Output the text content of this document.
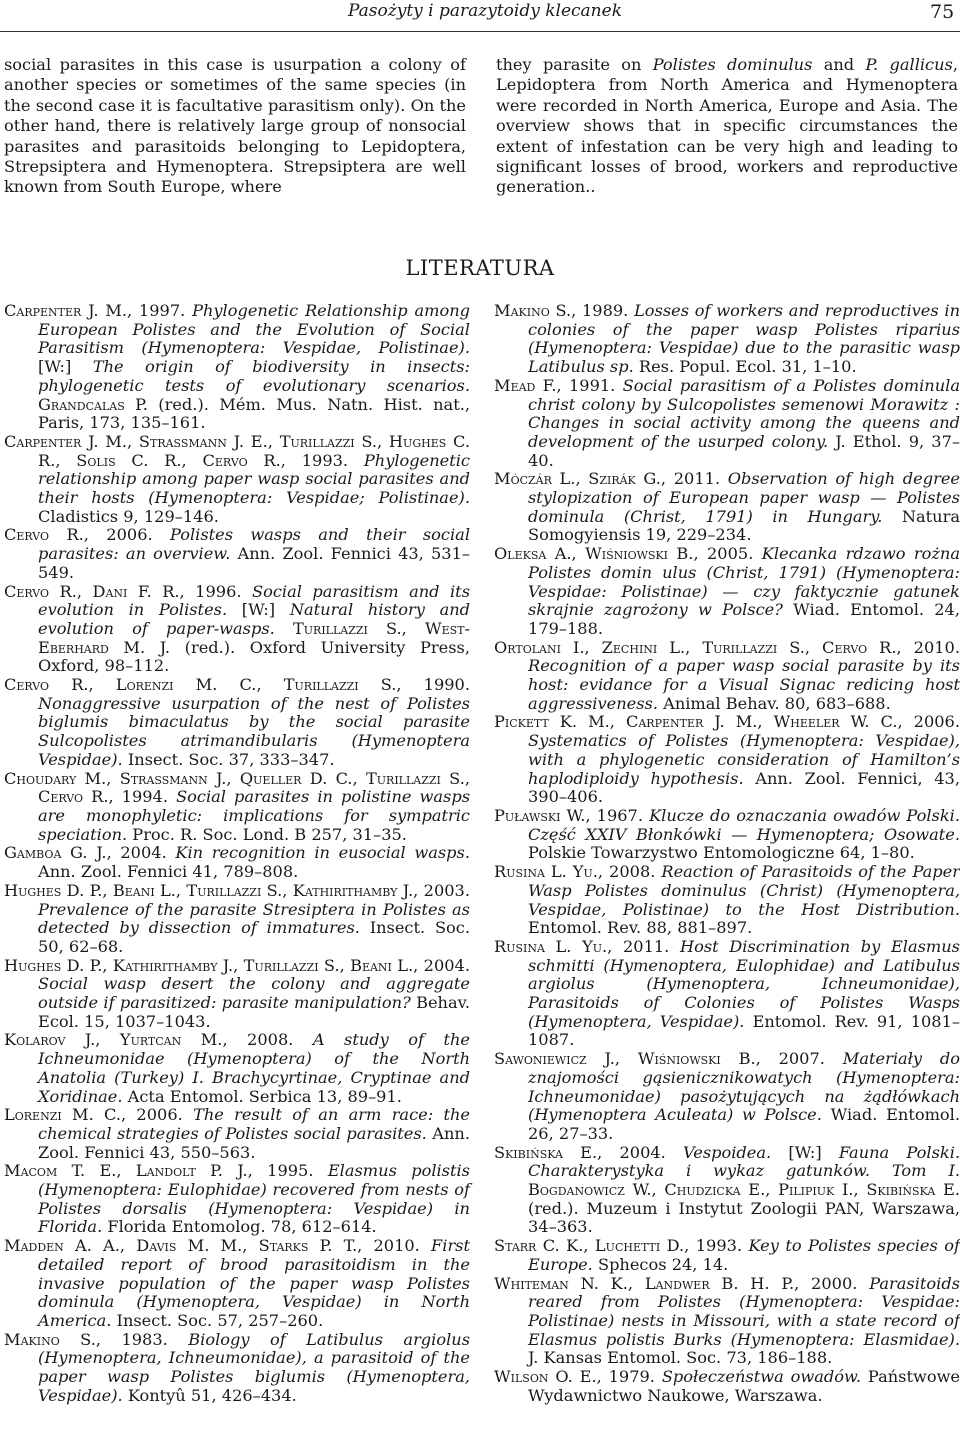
Pasożyty i parazytoidy klecanek	75

social parasites in this case is usurpation a colony of another species or sometimes of the same species (in the second case it is facultative parasitism only). On the other hand, there is relatively large group of nonsocial parasites and parasitoids belonging to Lepidoptera, Strepsiptera and Hymenoptera. Strepsiptera are well known from South Europe, where

they parasite on Polistes dominulus and P. gallicus, Lepidoptera from North America and Hymenoptera were recorded in North America, Europe and Asia. The overview shows that in specific circumstances the extent of infestation can be very high and leading to significant losses of brood, workers and reproductive generation..

LITERATURA

Carpenter J. M., 1997. Phylogenetic Relationship among European Polistes and the Evolution of Social Parasitism (Hymenoptera: Vespidae, Polistinae). [W:] The origin of biodiversity in insects: phylogenetic tests of evolutionary scenarios. Grandcalas P. (red.). Mém. Mus. Natn. Hist. nat., Paris, 173, 135–161.

Carpenter J. M., Strassmann J. E., Turillazzi S., Hughes C. R., Solis C. R., Cervo R., 1993. Phylogenetic relationship among paper wasp social parasites and their hosts (Hymenoptera: Vespidae; Polistinae). Cladistics 9, 129–146.

Cervo R., 2006. Polistes wasps and their social parasites: an overview. Ann. Zool. Fennici 43, 531–549.

Cervo R., Dani F. R., 1996. Social parasitism and its evolution in Polistes. [W:] Natural history and evolution of paper-wasps. Turillazzi S., West-Eberhard M. J. (red.). Oxford University Press, Oxford, 98–112.

Cervo R., Lorenzi M. C., Turillazzi S., 1990. Nonaggressive usurpation of the nest of Polistes biglumis bimaculatus by the social parasite Sulcopolistes atrimandibularis (Hymenoptera Vespidae). Insect. Soc. 37, 333–347.

Choudary M., Strassmann J., Queller D. C., Turillazzi S., Cervo R., 1994. Social parasites in polistine wasps are monophyletic: implications for sympatric speciation. Proc. R. Soc. Lond. B 257, 31–35.

Gamboa G. J., 2004. Kin recognition in eusocial wasps. Ann. Zool. Fennici 41, 789–808.

Hughes D. P., Beani L., Turillazzi S., Kathirithamby J., 2003. Prevalence of the parasite Stresiptera in Polistes as detected by dissection of immatures. Insect. Soc. 50, 62–68.

Hughes D. P., Kathirithamby J., Turillazzi S., Beani L., 2004. Social wasp desert the colony and aggregate outside if parasitized: parasite manipulation? Behav. Ecol. 15, 1037–1043.

Kolarov J., Yurtcan M., 2008. A study of the Ichneumonidae (Hymenoptera) of the North Anatolia (Turkey) I. Brachycyrtinae, Cryptinae and Xoridinae. Acta Entomol. Serbica 13, 89–91.

Lorenzi M. C., 2006. The result of an arm race: the chemical strategies of Polistes social parasites. Ann. Zool. Fennici 43, 550–563.

Macom T. E., Landolt P. J., 1995. Elasmus polistis (Hymenoptera: Eulophidae) recovered from nests of Polistes dorsalis (Hymenoptera: Vespidae) in Florida. Florida Entomolog. 78, 612–614.

Madden A. A., Davis M. M., Starks P. T., 2010. First detailed report of brood parasitoidism in the invasive population of the paper wasp Polistes dominula (Hymenoptera, Vespidae) in North America. Insect. Soc. 57, 257–260.

Makino S., 1983. Biology of Latibulus argiolus (Hymenoptera, Ichneumonidae), a parasitoid of the paper wasp Polistes biglumis (Hymenoptera, Vespidae). Kontyû 51, 426–434.

Makino S., 1989. Losses of workers and reproductives in colonies of the paper wasp Polistes riparius (Hymenoptera: Vespidae) due to the parasitic wasp Latibulus sp. Res. Popul. Ecol. 31, 1–10.

Mead F., 1991. Social parasitism of a Polistes dominula christ colony by Sulcopolistes semenowi Morawitz : Changes in social activity among the queens and development of the usurped colony. J. Ethol. 9, 37–40.

Móczár L., Szirák G., 2011. Observation of high degree stylopization of European paper wasp — Polistes dominula (Christ, 1791) in Hungary. Natura Somogyiensis 19, 229–234.

Oleksa A., Wiśniowski B., 2005. Klecanka rdzawo rożna Polistes domin ulus (Christ, 1791) (Hymenoptera: Vespidae: Polistinae) — czy faktycznie gatunek skrajnie zagrożony w Polsce? Wiad. Entomol. 24, 179–188.

Ortolani I., Zechini L., Turillazzi S., Cervo R., 2010. Recognition of a paper wasp social parasite by its host: evidance for a Visual Signac redicing host aggressiveness. Animal Behav. 80, 683–688.

Pickett K. M., Carpenter J. M., Wheeler W. C., 2006. Systematics of Polistes (Hymenoptera: Vespidae), with a phylogenetic consideration of Hamilton’s haplodiploidy hypothesis. Ann. Zool. Fennici, 43, 390–406.

Puławski W., 1967. Klucze do oznaczania owadów Polski. Część XXIV Błonkówki — Hymenoptera; Osowate. Polskie Towarzystwo Entomologiczne 64, 1–80.

Rusina L. Yu., 2008. Reaction of Parasitoids of the Paper Wasp Polistes dominulus (Christ) (Hymenoptera, Vespidae, Polistinae) to the Host Distribution. Entomol. Rev. 88, 881–897.

Rusina L. Yu., 2011. Host Discrimination by Elasmus schmitti (Hymenoptera, Eulophidae) and Latibulus argiolus (Hymenoptera, Ichneumonidae), Parasitoids of Colonies of Polistes Wasps (Hymenoptera, Vespidae). Entomol. Rev. 91, 1081–1087.

Sawoniewicz J., Wiśniowski B., 2007. Materiały do znajomości gąsienicznikowatych (Hymenoptera: Ichneumonidae) pasożytujących na żądłówkach (Hymenoptera Aculeata) w Polsce. Wiad. Entomol. 26, 27–33.

Skibińska E., 2004. Vespoidea. [W:] Fauna Polski. Charakterystyka i wykaz gatunków. Tom I. Bogdanowicz W., Chudzicka E., Pilipiuk I., Skibińska E. (red.). Muzeum i Instytut Zoologii PAN, Warszawa, 34–363.

Starr C. K., Luchetti D., 1993. Key to Polistes species of Europe. Sphecos 24, 14.

Whiteman N. K., Landwer B. H. P., 2000. Parasitoids reared from Polistes (Hymenoptera: Vespidae: Polistinae) nests in Missouri, with a state record of Elasmus polistis Burks (Hymenoptera: Elasmidae). J. Kansas Entomol. Soc. 73, 186–188.

Wilson O. E., 1979. Społeczeństwa owadów. Państwowe Wydawnictwo Naukowe, Warszawa.
